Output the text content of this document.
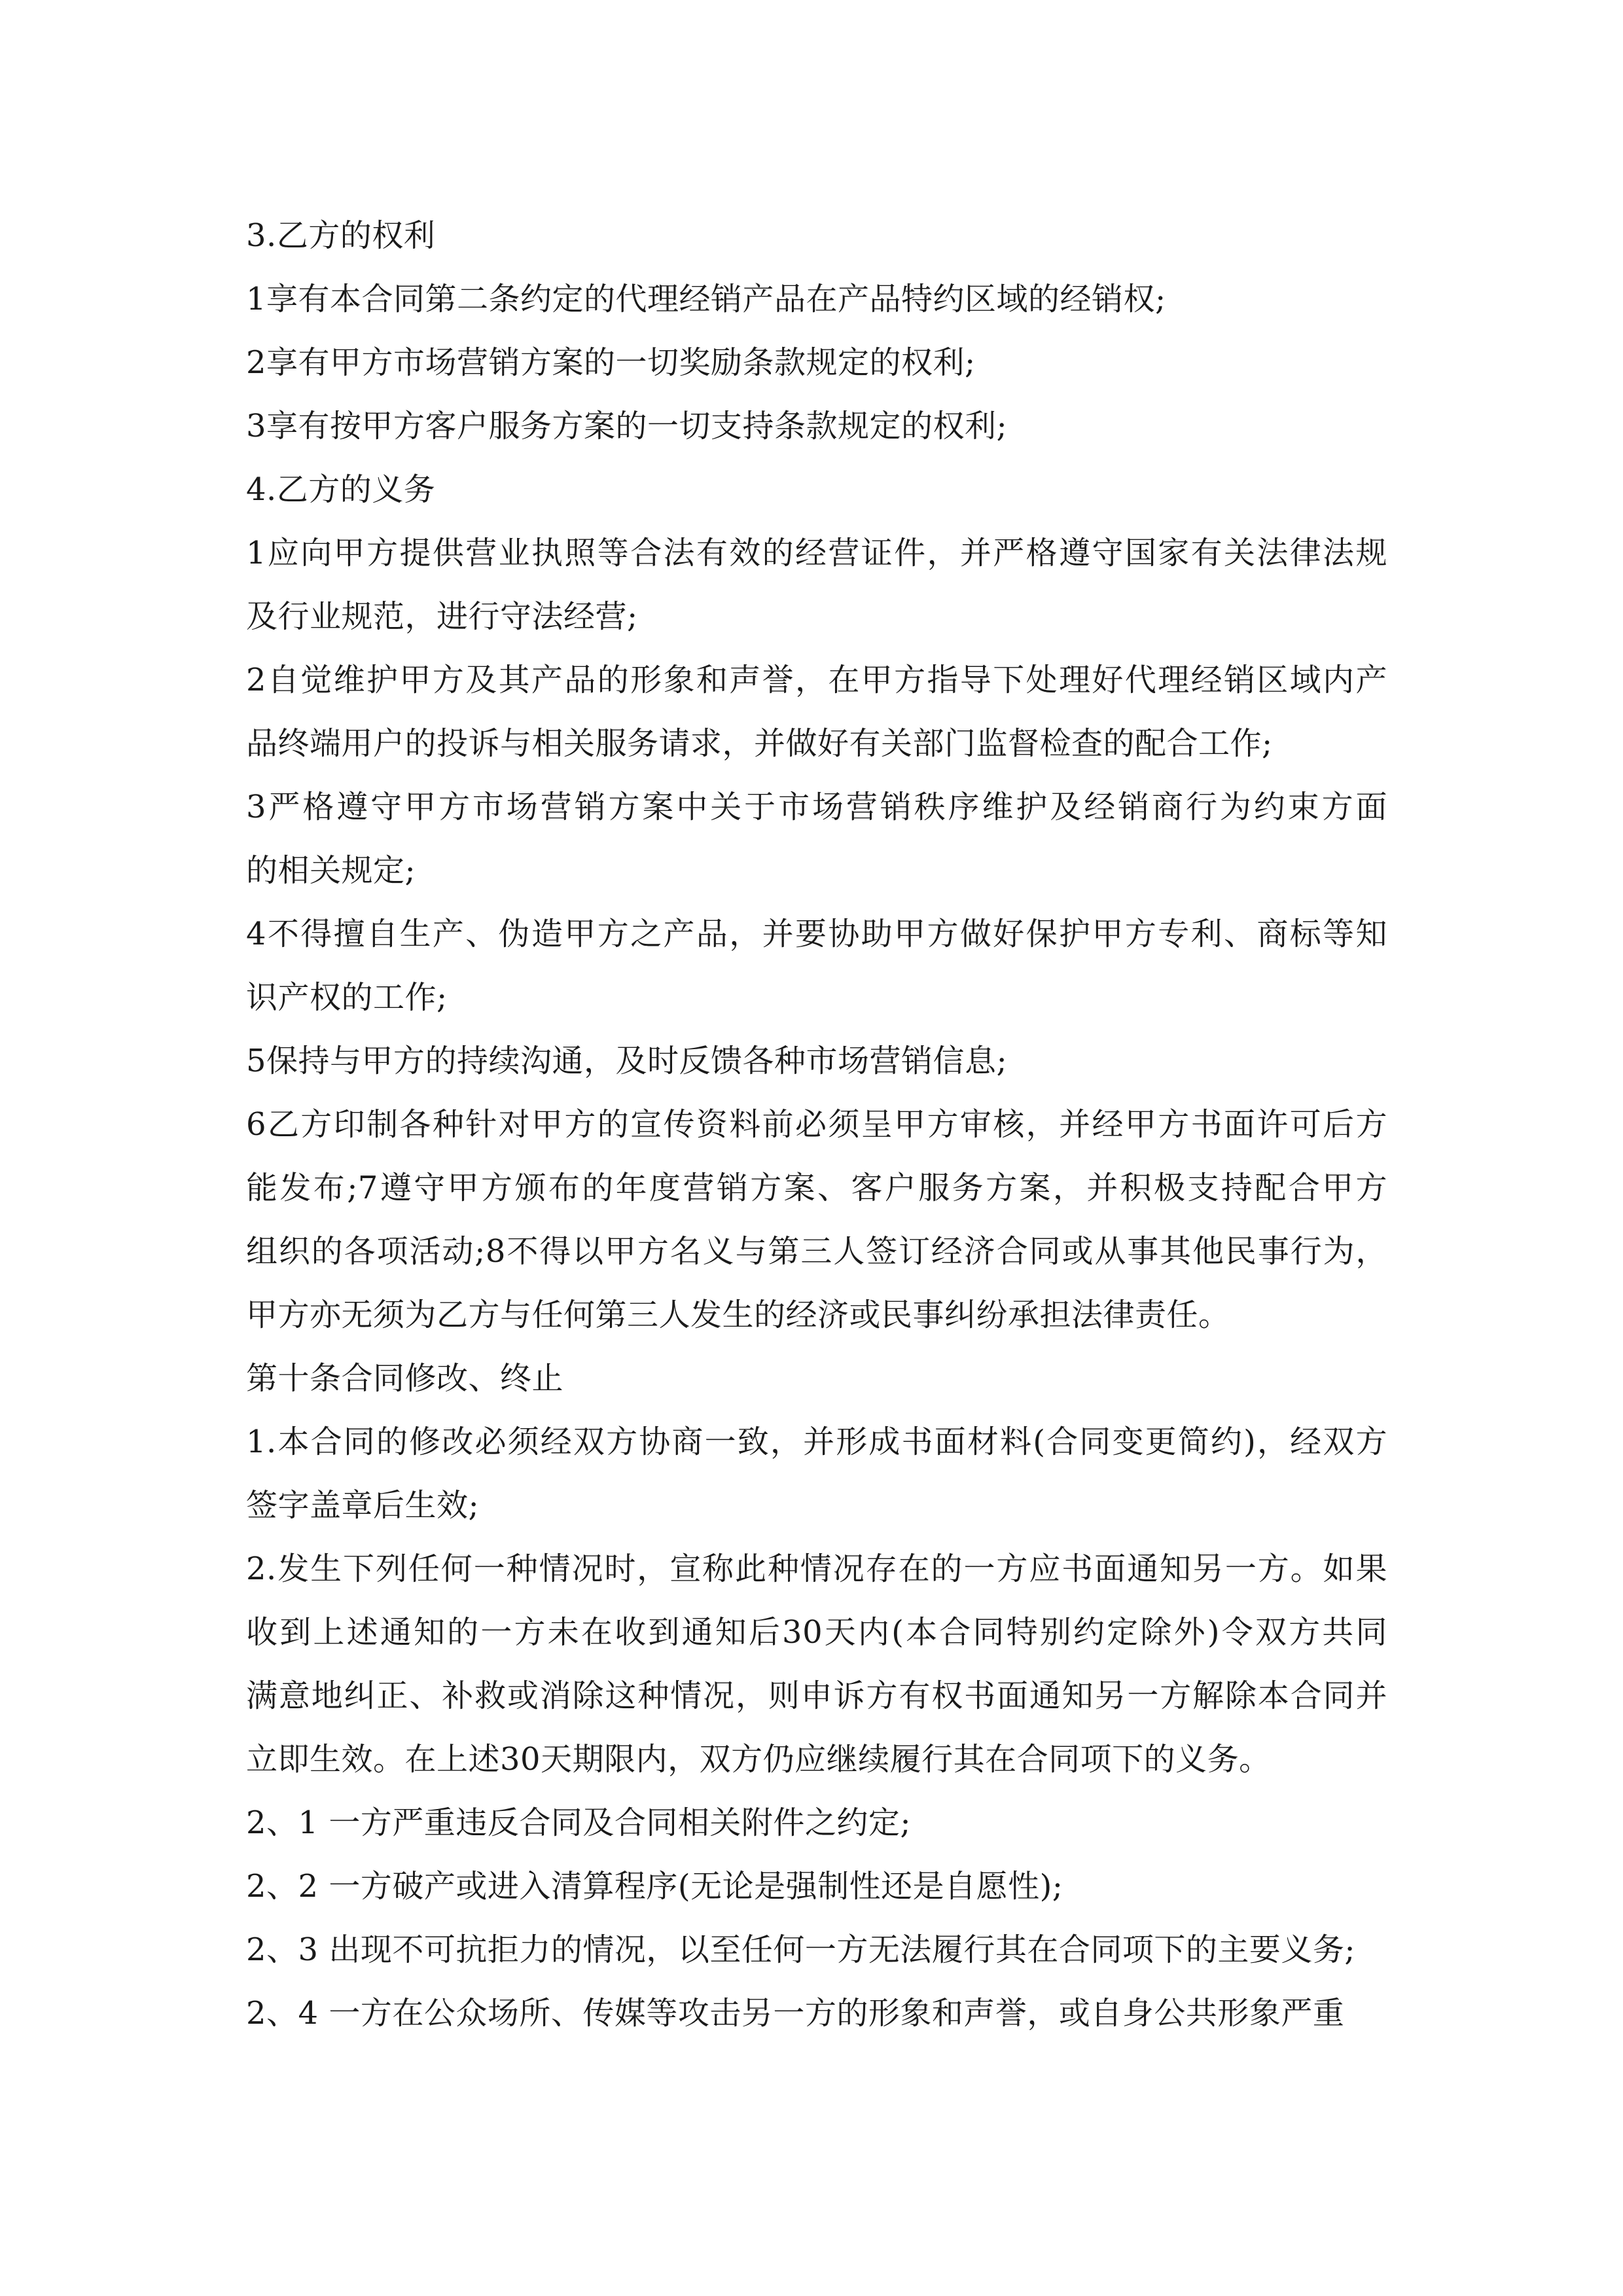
3.乙方的权利
1享有本合同第二条约定的代理经销产品在产品特约区域的经销权;
2享有甲方市场营销方案的一切奖励条款规定的权利;
3享有按甲方客户服务方案的一切支持条款规定的权利;
4.乙方的义务
1应向甲方提供营业执照等合法有效的经营证件，并严格遵守国家有关法律法规
及行业规范，进行守法经营;
2自觉维护甲方及其产品的形象和声誉，在甲方指导下处理好代理经销区域内产
品终端用户的投诉与相关服务请求，并做好有关部门监督检查的配合工作;
3严格遵守甲方市场营销方案中关于市场营销秩序维护及经销商行为约束方面
的相关规定;
4不得擅自生产、伪造甲方之产品，并要协助甲方做好保护甲方专利、商标等知
识产权的工作;
5保持与甲方的持续沟通，及时反馈各种市场营销信息;
6乙方印制各种针对甲方的宣传资料前必须呈甲方审核，并经甲方书面许可后方
能发布;7遵守甲方颁布的年度营销方案、客户服务方案，并积极支持配合甲方
组织的各项活动;8不得以甲方名义与第三人签订经济合同或从事其他民事行为，
甲方亦无须为乙方与任何第三人发生的经济或民事纠纷承担法律责任。
第十条合同修改、终止
1.本合同的修改必须经双方协商一致，并形成书面材料(合同变更简约)，经双方
签字盖章后生效;
2.发生下列任何一种情况时，宣称此种情况存在的一方应书面通知另一方。如果
收到上述通知的一方未在收到通知后30天内(本合同特别约定除外)令双方共同
满意地纠正、补救或消除这种情况，则申诉方有权书面通知另一方解除本合同并
立即生效。在上述30天期限内，双方仍应继续履行其在合同项下的义务。
2、1 一方严重违反合同及合同相关附件之约定;
2、2 一方破产或进入清算程序(无论是强制性还是自愿性);
2、3 出现不可抗拒力的情况，以至任何一方无法履行其在合同项下的主要义务;
2、4 一方在公众场所、传媒等攻击另一方的形象和声誉，或自身公共形象严重
